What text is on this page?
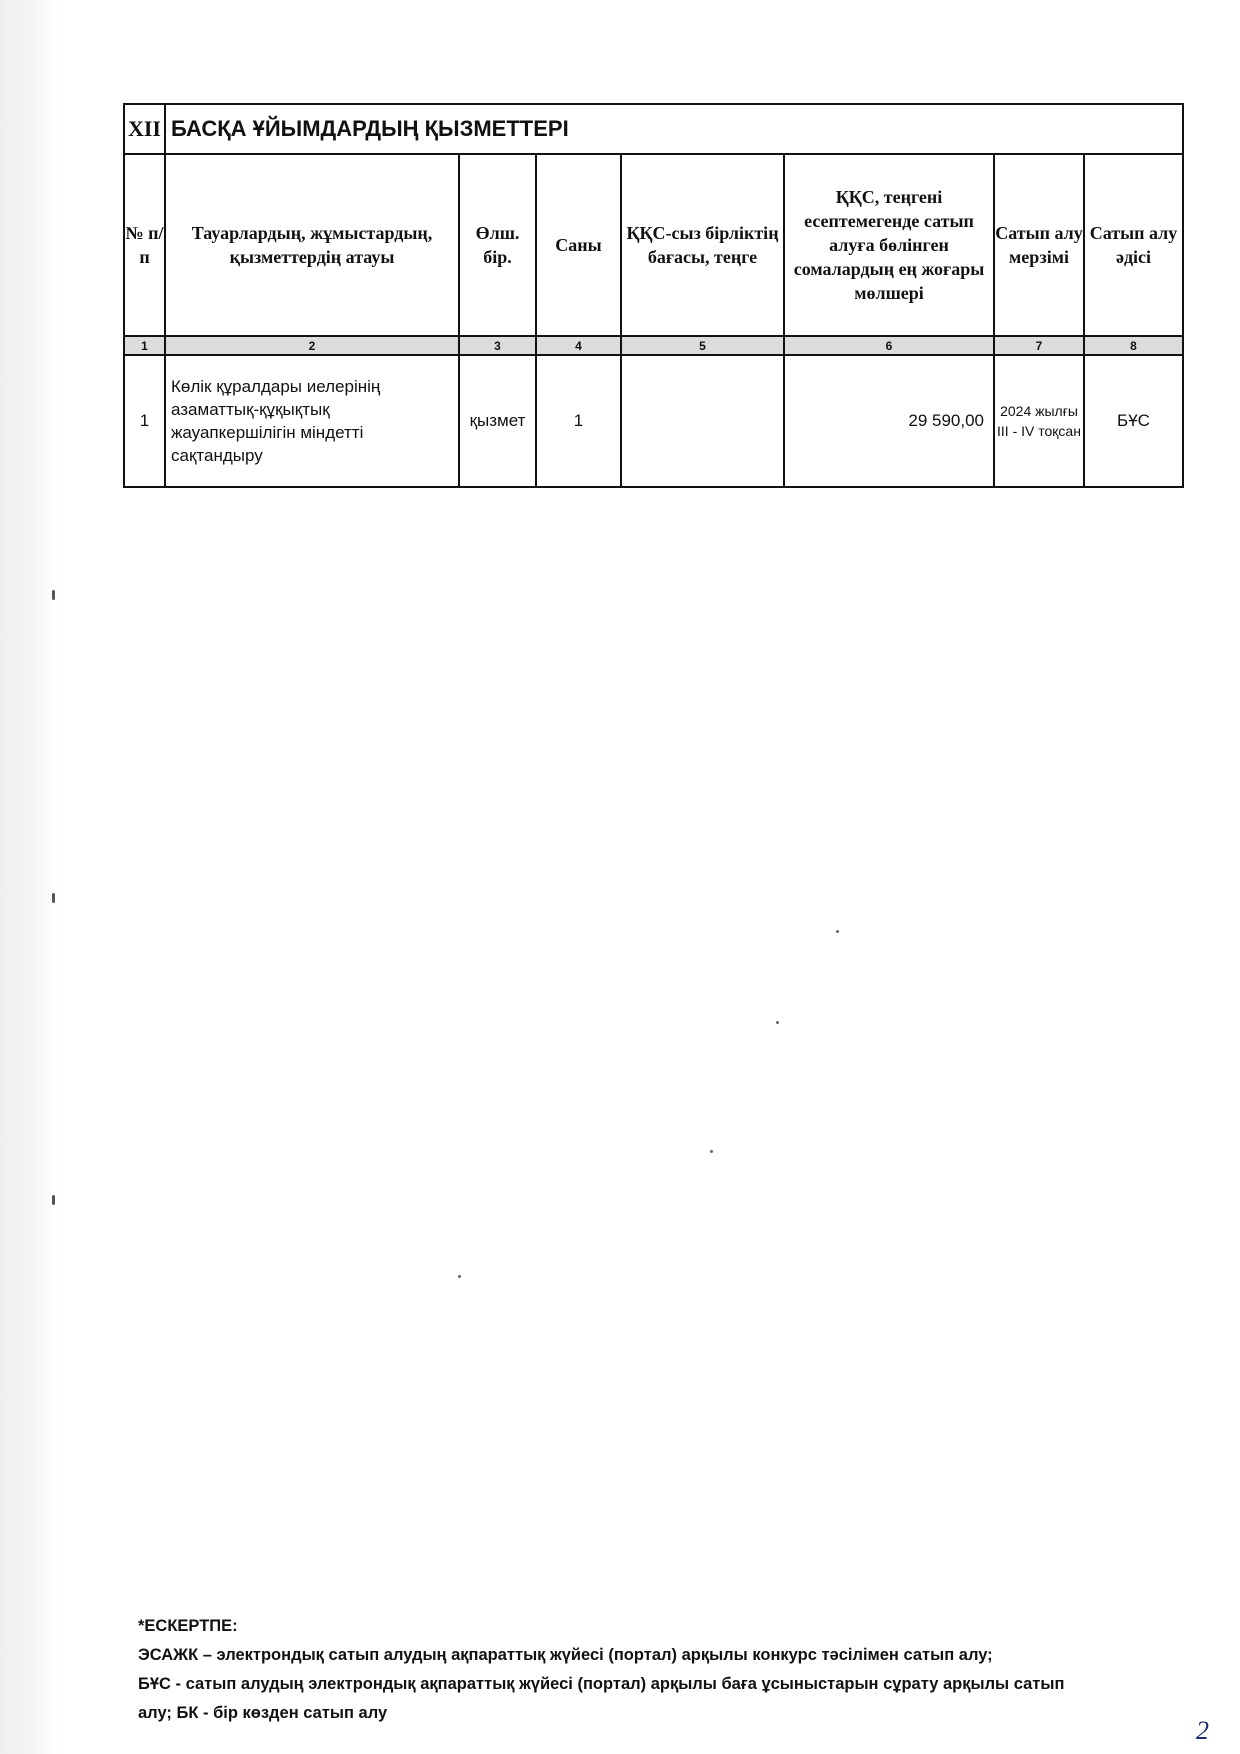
XII	БАСҚА ҰЙЫМДАРДЫҢ ҚЫЗМЕТТЕРІ						
№ п/п	Тауарлардың, жұмыстардың, қызметтердің атауы	Өлш. бір.	Саны	ҚҚС-сыз бірліктің бағасы, теңге	ҚҚС, теңгені есептемегенде сатып алуға бөлінген сомалардың ең жоғары мөлшері	Сатып алу мерзімі	Сатып алу әдісі
1	2	3	4	5	6	7	8
1	Көлік құралдары иелерінің азаматтық-құқықтық жауапкершілігін міндетті сақтандыру	қызмет	1		29 590,00	2024 жылғы III - IV тоқсан	БҰС
*ЕСКЕРТПЕ:
ЭСАЖК – электрондық сатып алудың ақпараттық жүйесі (портал) арқылы конкурс тәсілімен сатып алу;
БҰС - сатып алудың электрондық ақпараттық жүйесі (портал) арқылы баға ұсыныстарын сұрату арқылы сатып
алу; БК - бір көзден сатып алу
2
